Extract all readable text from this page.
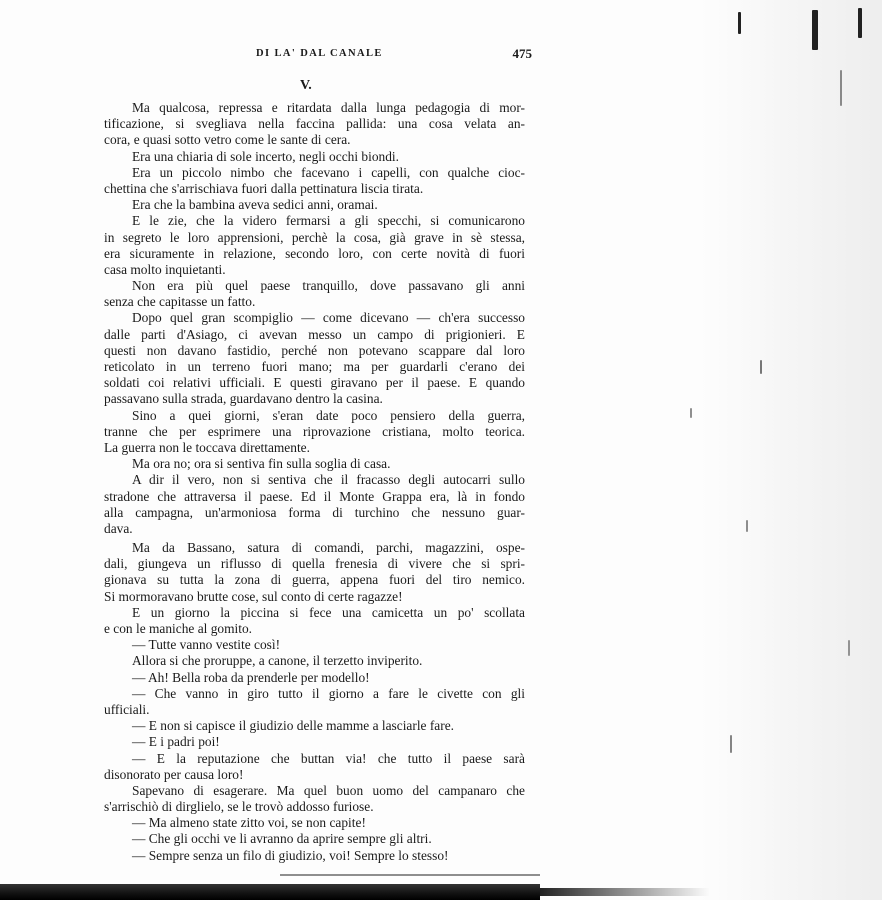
DI LA' DAL CANALE	475
V.
Ma qualcosa, repressa e ritardata dalla lunga pedagogia di mor-
tificazione, si svegliava nella faccina pallida: una cosa velata an-
cora, e quasi sotto vetro come le sante di cera.
Era una chiaria di sole incerto, negli occhi biondi.
Era un piccolo nimbo che facevano i capelli, con qualche cioc-
chettina che s'arrischiava fuori dalla pettinatura liscia tirata.
Era che la bambina aveva sedici anni, oramai.
E le zie, che la videro fermarsi a gli specchi, si comunicarono
in segreto le loro apprensioni, perchè la cosa, già grave in sè stessa,
era sicuramente in relazione, secondo loro, con certe novità di fuori
casa molto inquietanti.
Non era più quel paese tranquillo, dove passavano gli anni
senza che capitasse un fatto.
Dopo quel gran scompiglio — come dicevano — ch'era successo
dalle parti d'Asiago, ci avevan messo un campo di prigionieri. E
questi non davano fastidio, perché non potevano scappare dal loro
reticolato in un terreno fuori mano; ma per guardarli c'erano dei
soldati coi relativi ufficiali. E questi giravano per il paese. E quando
passavano sulla strada, guardavano dentro la casina.
Sino a quei giorni, s'eran date poco pensiero della guerra,
tranne che per esprimere una riprovazione cristiana, molto teorica.
La guerra non le toccava direttamente.
Ma ora no; ora si sentiva fin sulla soglia di casa.
A dir il vero, non si sentiva che il fracasso degli autocarri sullo
stradone che attraversa il paese. Ed il Monte Grappa era, là in fondo
alla campagna, un'armoniosa forma di turchino che nessuno guar-
dava.
Ma da Bassano, satura di comandi, parchi, magazzini, ospe-
dali, giungeva un riflusso di quella frenesia di vivere che si spri-
gionava su tutta la zona di guerra, appena fuori del tiro nemico.
Si mormoravano brutte cose, sul conto di certe ragazze!
E un giorno la piccina si fece una camicetta un po' scollata
e con le maniche al gomito.
— Tutte vanno vestite così!
Allora si che proruppe, a canone, il terzetto inviperito.
— Ah! Bella roba da prenderle per modello!
— Che vanno in giro tutto il giorno a fare le civette con gli
ufficiali.
— E non si capisce il giudizio delle mamme a lasciarle fare.
— E i padri poi!
— E la reputazione che buttan via! che tutto il paese sarà
disonorato per causa loro!
Sapevano di esagerare. Ma quel buon uomo del campanaro che
s'arrischiò di dirglielo, se le trovò addosso furiose.
— Ma almeno state zitto voi, se non capite!
— Che gli occhi ve li avranno da aprire sempre gli altri.
— Sempre senza un filo di giudizio, voi! Sempre lo stesso!
